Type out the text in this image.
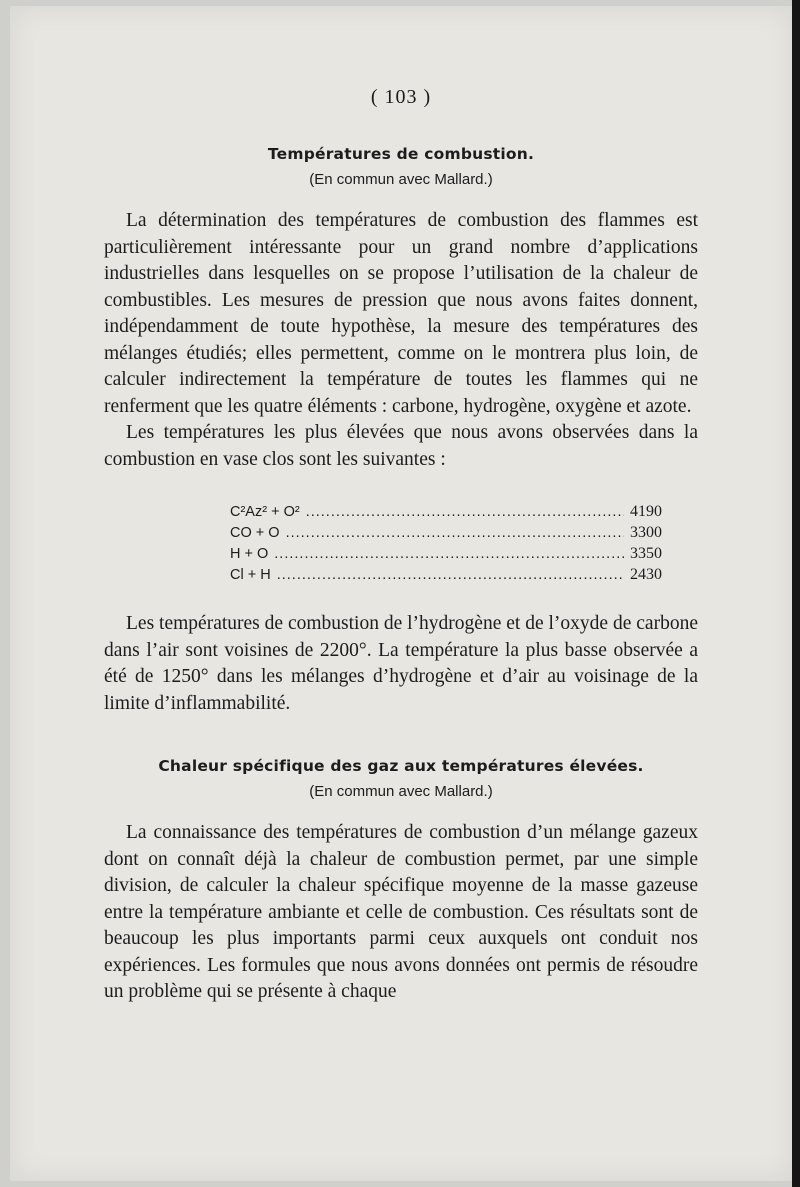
( 103 )
Températures de combustion.
(En commun avec Mallard.)

La détermination des températures de combustion des flammes est particulièrement intéressante pour un grand nombre d’applications industrielles dans lesquelles on se propose l’utilisation de la chaleur de combustibles. Les mesures de pression que nous avons faites donnent, indépendamment de toute hypothèse, la mesure des températures des mélanges étudiés; elles permettent, comme on le montrera plus loin, de calculer indirectement la température de toutes les flammes qui ne renferment que les quatre éléments : carbone, hydrogène, oxygène et azote.

Les températures les plus élevées que nous avons observées dans la combustion en vase clos sont les suivantes :

C²Az² + O² .....	4190
CO + O .....	3300
H + O .....	3350
Cl + H .....	2430

Les températures de combustion de l’hydrogène et de l’oxyde de carbone dans l’air sont voisines de 2200°. La température la plus basse observée a été de 1250° dans les mélanges d’hydrogène et d’air au voisinage de la limite d’inflammabilité.

Chaleur spécifique des gaz aux températures élevées.
(En commun avec Mallard.)

La connaissance des températures de combustion d’un mélange gazeux dont on connaît déjà la chaleur de combustion permet, par une simple division, de calculer la chaleur spécifique moyenne de la masse gazeuse entre la température ambiante et celle de combustion. Ces résultats sont de beaucoup les plus importants parmi ceux auxquels ont conduit nos expériences. Les formules que nous avons données ont permis de résoudre un problème qui se présente à chaque
